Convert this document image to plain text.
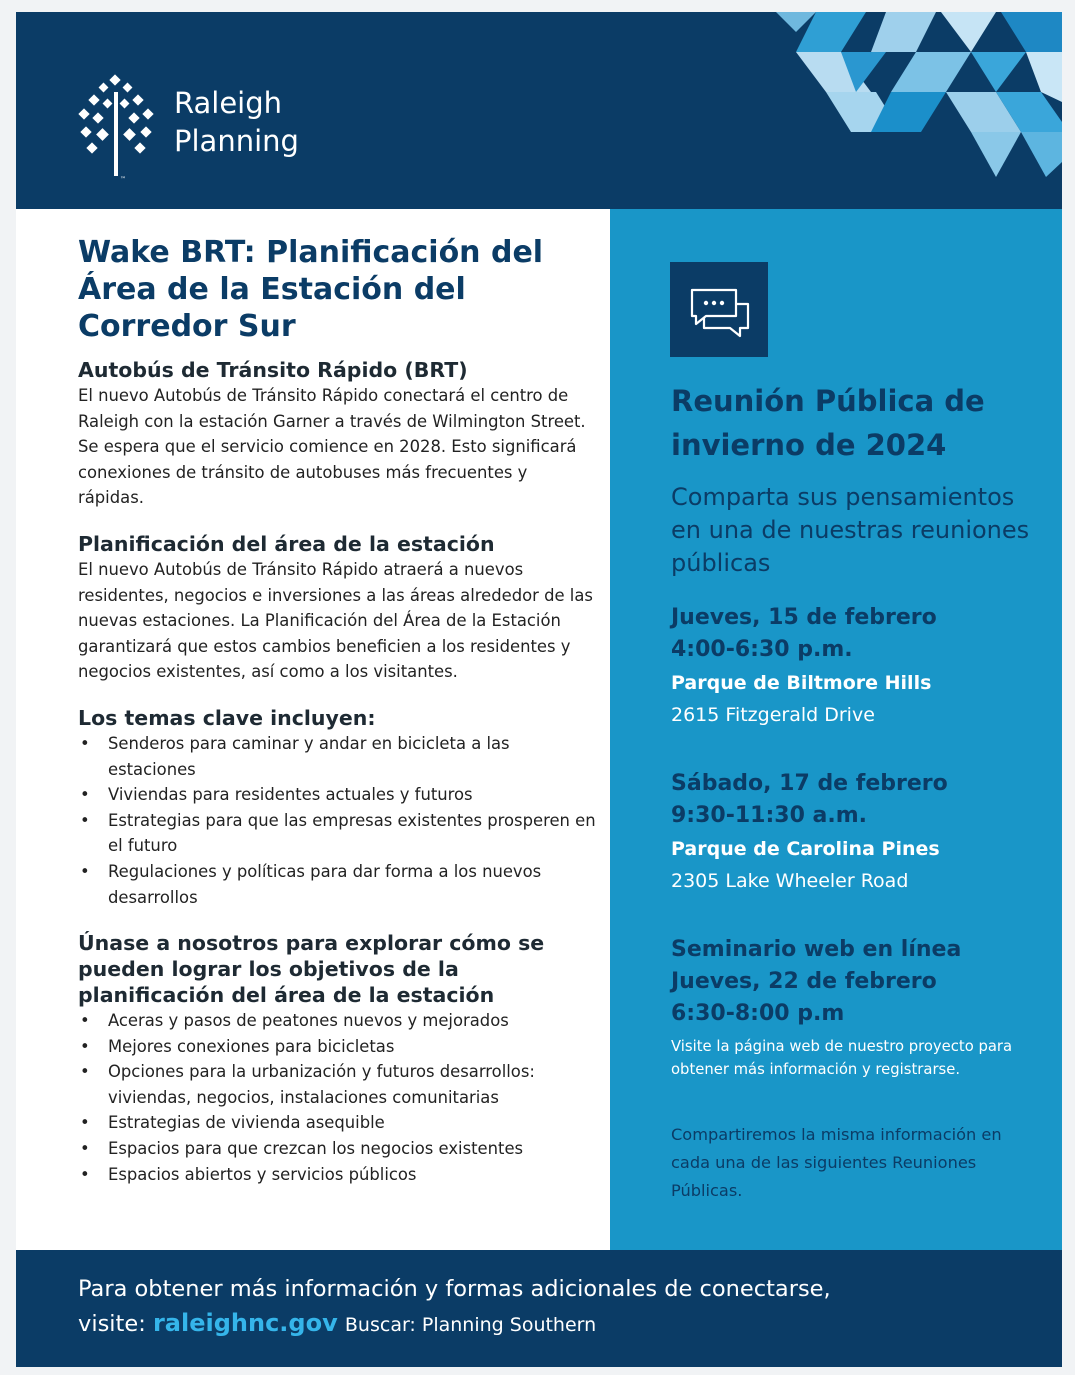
™
Raleigh
Planning
Wake BRT: Planificación del Área de la Estación del Corredor Sur
Autobús de Tránsito Rápido (BRT)

El nuevo Autobús de Tránsito Rápido conectará el centro de Raleigh con la estación Garner a través de Wilmington Street. Se espera que el servicio comience en 2028. Esto significará conexiones de tránsito de autobuses más frecuentes y rápidas.

Planificación del área de la estación

El nuevo Autobús de Tránsito Rápido atraerá a nuevos residentes, negocios e inversiones a las áreas alrededor de las nuevas estaciones. La Planificación del Área de la Estación garantizará que estos cambios beneficien a los residentes y negocios existentes, así como a los visitantes.

Los temas clave incluyen:
• Senderos para caminar y andar en bicicleta a las estaciones
• Viviendas para residentes actuales y futuros
• Estrategias para que las empresas existentes prosperen en el futuro
• Regulaciones y políticas para dar forma a los nuevos desarrollos
Únase a nosotros para explorar cómo se pueden lograr los objetivos de la planificación del área de la estación
• Aceras y pasos de peatones nuevos y mejorados
• Mejores conexiones para bicicletas
• Opciones para la urbanización y futuros desarrollos: viviendas, negocios, instalaciones comunitarias
• Estrategias de vivienda asequible
• Espacios para que crezcan los negocios existentes
• Espacios abiertos y servicios públicos
Reunión Pública de invierno de 2024

Comparta sus pensamientos en una de nuestras reuniones públicas

Jueves, 15 de febrero

4:00-6:30 p.m.

Parque de Biltmore Hills

2615 Fitzgerald Drive

Sábado, 17 de febrero

9:30-11:30 a.m.

Parque de Carolina Pines

2305 Lake Wheeler Road

Seminario web en línea

Jueves, 22 de febrero

6:30-8:00 p.m

Visite la página web de nuestro proyecto para obtener más información y registrarse.

Compartiremos la misma información en cada una de las siguientes Reuniones Públicas.

Para obtener más información y formas adicionales de conectarse,
visite: raleighnc.gov Buscar: Planning Southern
